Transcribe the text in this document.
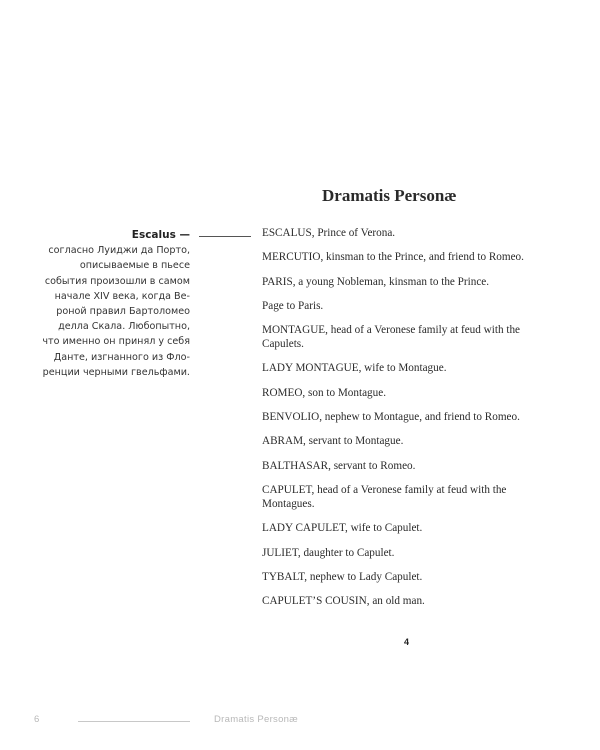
Dramatis Personæ
Escalus —
согласно Луиджи да Порто,
описываемые в пьесе
события произошли в самом
начале XIV века, когда Ве-
роной правил Бартоломео
делла Скала. Любопытно,
что именно он принял у себя
Данте, изгнанного из Фло-
ренции черными гвельфами.
ESCALUS, Prince of Verona.
MERCUTIO, kinsman to the Prince, and friend to Romeo.
PARIS, a young Nobleman, kinsman to the Prince.
Page to Paris.
MONTAGUE, head of a Veronese family at feud with the Capulets.
LADY MONTAGUE, wife to Montague.
ROMEO, son to Montague.
BENVOLIO, nephew to Montague, and friend to Romeo.
ABRAM, servant to Montague.
BALTHASAR, servant to Romeo.
CAPULET, head of a Veronese family at feud with the Montagues.
LADY CAPULET, wife to Capulet.
JULIET, daughter to Capulet.
TYBALT, nephew to Lady Capulet.
CAPULET’S COUSIN, an old man.
4
6	Dramatis Personæ
